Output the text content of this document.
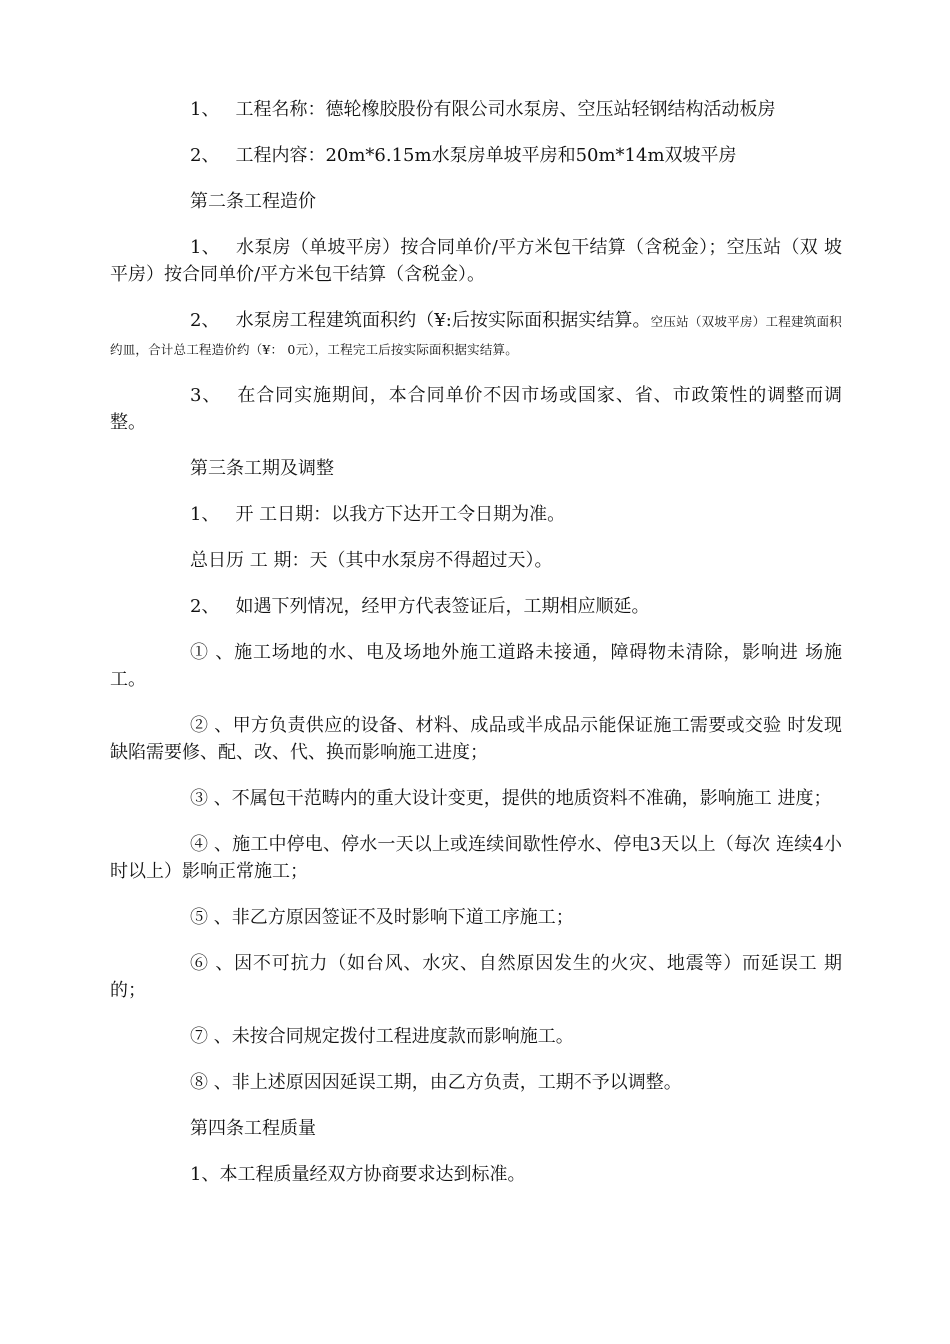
1、 工程名称：德轮橡胶股份有限公司水泵房、空压站轻钢结构活动板房

2、 工程内容：20m*6.15m水泵房单坡平房和50m*14m双坡平房

第二条工程造价

1、 水泵房（单坡平房）按合同单价/平方米包干结算（含税金）；空压站（双 坡平房）按合同单价/平方米包干结算（含税金）。

2、 水泵房工程建筑面积约（¥:后按实际面积据实结算。空压站（双坡平房）工程建筑面积约皿，合计总工程造价约（¥： 0元），工程完工后按实际面积据实结算。

3、 在合同实施期间，本合同单价不因市场或国家、省、市政策性的调整而调整。

第三条工期及调整

1、 开 工日期：以我方下达开工令日期为准。

总日历 工 期：天（其中水泵房不得超过天）。

2、 如遇下列情况，经甲方代表签证后，工期相应顺延。

① 、施工场地的水、电及场地外施工道路未接通，障碍物未清除，影响进 场施工。

② 、甲方负责供应的设备、材料、成品或半成品示能保证施工需要或交验 时发现缺陷需要修、配、改、代、换而影响施工进度；

③ 、不属包干范畴内的重大设计变更，提供的地质资料不准确，影响施工 进度；

④ 、施工中停电、停水一天以上或连续间歇性停水、停电3天以上（每次 连续4小时以上）影响正常施工；

⑤ 、非乙方原因签证不及时影响下道工序施工；

⑥ 、因不可抗力（如台风、水灾、自然原因发生的火灾、地震等）而延误工 期的；

⑦ 、未按合同规定拨付工程进度款而影响施工。

⑧ 、非上述原因因延误工期，由乙方负责，工期不予以调整。

第四条工程质量

1、本工程质量经双方协商要求达到标准。
